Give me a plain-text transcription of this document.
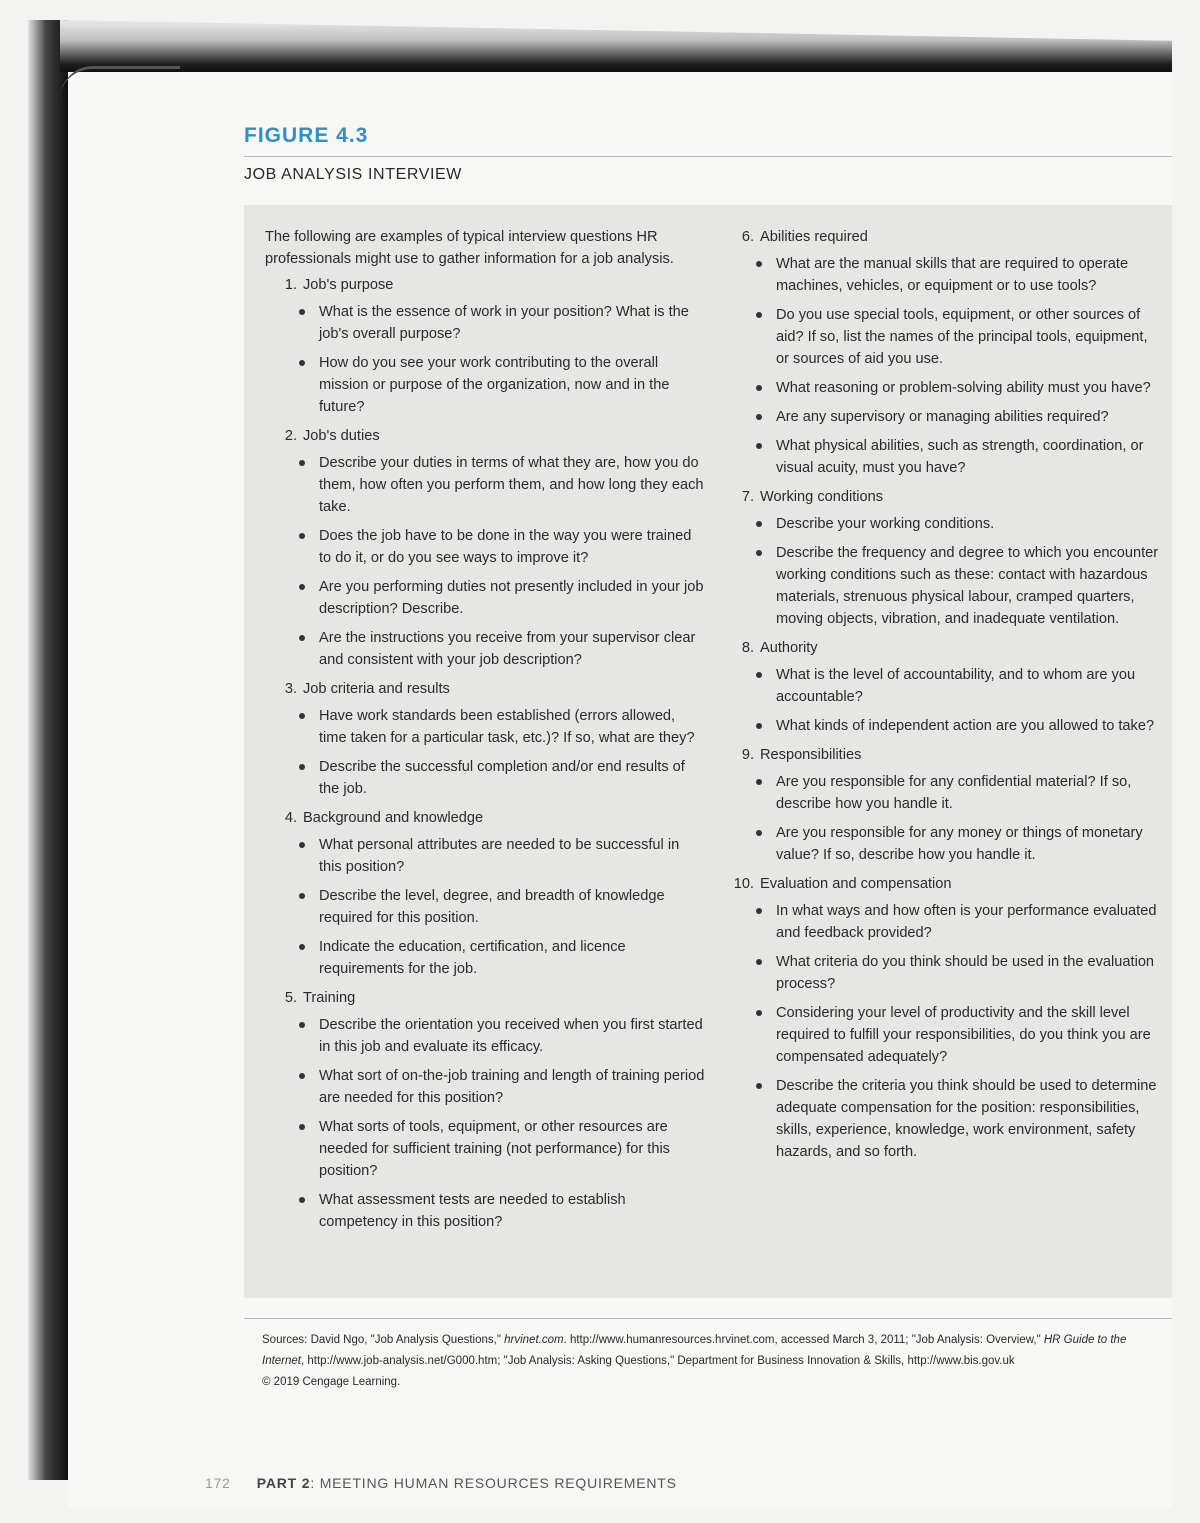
FIGURE 4.3
JOB ANALYSIS INTERVIEW

The following are examples of typical interview questions HR professionals might use to gather information for a job analysis.

1. Job's purpose
What is the essence of work in your position? What is the job's overall purpose?
How do you see your work contributing to the overall mission or purpose of the organization, now and in the future?
2. Job's duties
Describe your duties in terms of what they are, how you do them, how often you perform them, and how long they each take.
Does the job have to be done in the way you were trained to do it, or do you see ways to improve it?
Are you performing duties not presently included in your job description? Describe.
Are the instructions you receive from your supervisor clear and consistent with your job description?
3. Job criteria and results
Have work standards been established (errors allowed, time taken for a particular task, etc.)? If so, what are they?
Describe the successful completion and/or end results of the job.
4. Background and knowledge
What personal attributes are needed to be successful in this position?
Describe the level, degree, and breadth of knowledge required for this position.
Indicate the education, certification, and licence requirements for the job.
5. Training
Describe the orientation you received when you first started in this job and evaluate its efficacy.
What sort of on-the-job training and length of training period are needed for this position?
What sorts of tools, equipment, or other resources are needed for sufficient training (not performance) for this position?
What assessment tests are needed to establish competency in this position?
6. Abilities required
What are the manual skills that are required to operate machines, vehicles, or equipment or to use tools?
Do you use special tools, equipment, or other sources of aid? If so, list the names of the principal tools, equipment, or sources of aid you use.
What reasoning or problem-solving ability must you have?
Are any supervisory or managing abilities required?
What physical abilities, such as strength, coordination, or visual acuity, must you have?
7. Working conditions
Describe your working conditions.
Describe the frequency and degree to which you encounter working conditions such as these: contact with hazardous materials, strenuous physical labour, cramped quarters, moving objects, vibration, and inadequate ventilation.
8. Authority
What is the level of accountability, and to whom are you accountable?
What kinds of independent action are you allowed to take?
9. Responsibilities
Are you responsible for any confidential material? If so, describe how you handle it.
Are you responsible for any money or things of monetary value? If so, describe how you handle it.
10. Evaluation and compensation
In what ways and how often is your performance evaluated and feedback provided?
What criteria do you think should be used in the evaluation process?
Considering your level of productivity and the skill level required to fulfill your responsibilities, do you think you are compensated adequately?
Describe the criteria you think should be used to determine adequate compensation for the position: responsibilities, skills, experience, knowledge, work environment, safety hazards, and so forth.
Sources: David Ngo, "Job Analysis Questions," hrvinet.com. http://www.humanresources.hrvinet.com, accessed March 3, 2011; "Job Analysis: Overview," HR Guide to the Internet, http://www.job-analysis.net/G000.htm; "Job Analysis: Asking Questions," Department for Business Innovation & Skills, http://www.bis.gov.uk
© 2019 Cengage Learning.
172 PART 2: MEETING HUMAN RESOURCES REQUIREMENTS
